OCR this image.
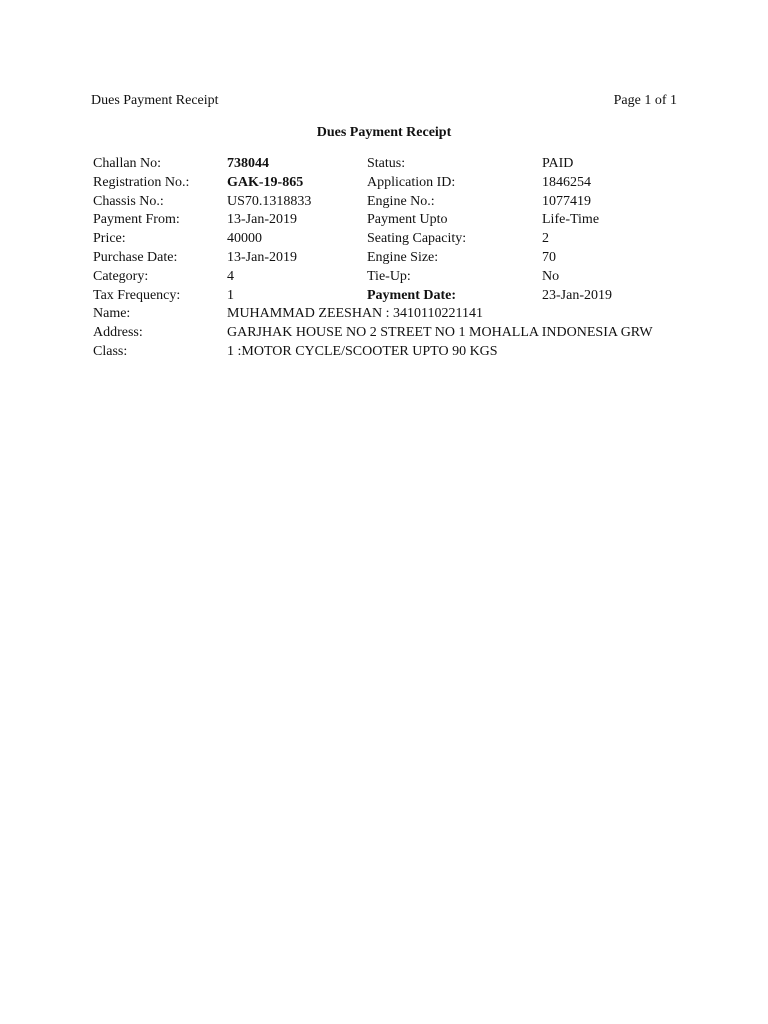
Dues Payment Receipt	Page 1 of 1
Dues Payment Receipt
Challan No:	738044	Status:	PAID
Registration No.:	GAK-19-865	Application ID:	1846254
Chassis No.:	US70.1318833	Engine No.:	1077419
Payment From:	13-Jan-2019	Payment Upto	Life-Time
Price:	40000	Seating Capacity:	2
Purchase Date:	13-Jan-2019	Engine Size:	70
Category:	4	Tie-Up:	No
Tax Frequency:	1	Payment Date:	23-Jan-2019
Name:	MUHAMMAD ZEESHAN : 3410110221141
Address:	GARJHAK HOUSE NO 2 STREET NO 1 MOHALLA INDONESIA GRW
Class:	1 :MOTOR CYCLE/SCOOTER UPTO 90 KGS
